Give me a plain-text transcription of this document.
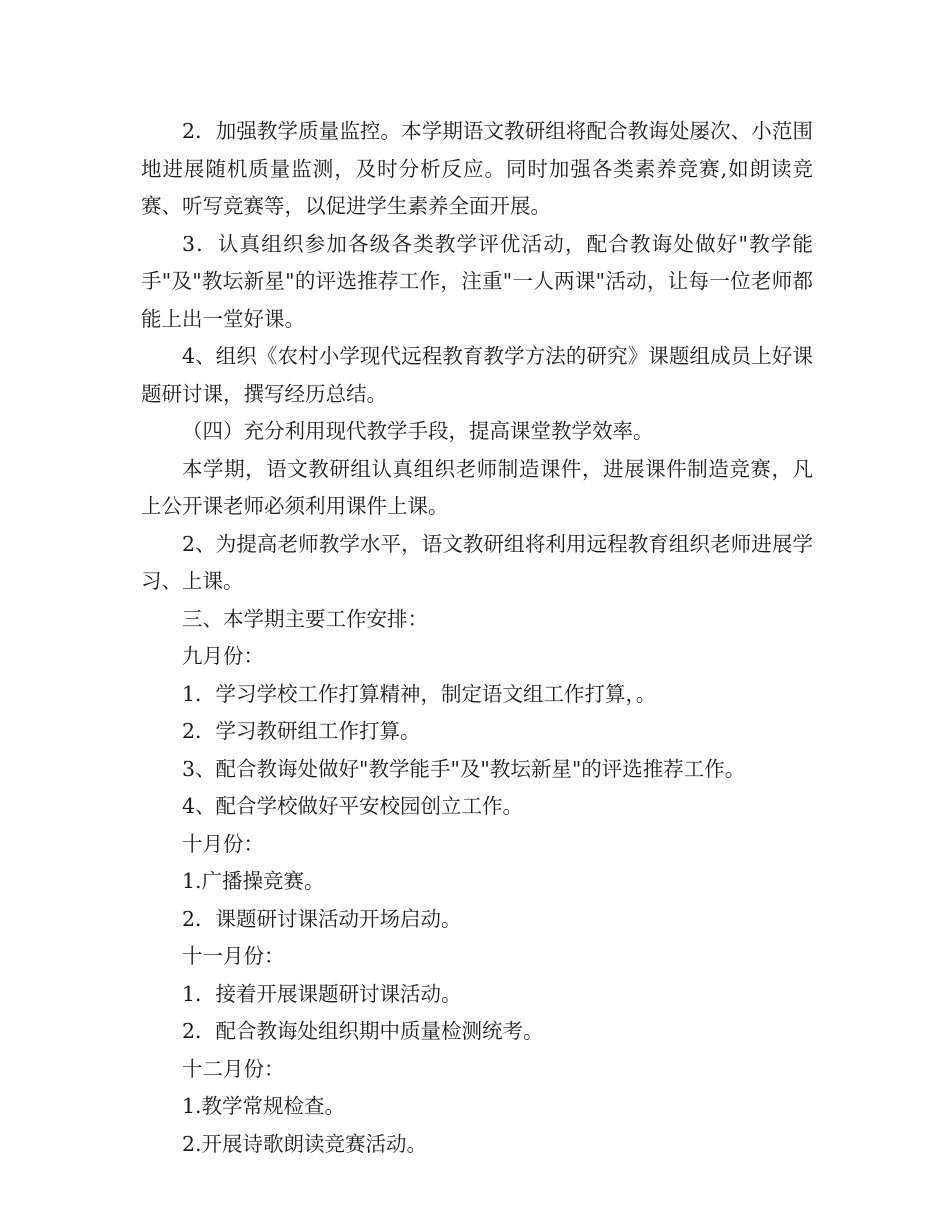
2．加强教学质量监控。本学期语文教研组将配合教诲处屡次、小范围地进展随机质量监测，及时分析反应。同时加强各类素养竞赛,如朗读竞赛、听写竞赛等，以促进学生素养全面开展。

3．认真组织参加各级各类教学评优活动，配合教诲处做好"教学能手"及"教坛新星"的评选推荐工作，注重"一人两课"活动，让每一位老师都能上出一堂好课。

4、组织《农村小学现代远程教育教学方法的研究》课题组成员上好课题研讨课，撰写经历总结。

（四）充分利用现代教学手段，提高课堂教学效率。

本学期，语文教研组认真组织老师制造课件，进展课件制造竞赛，凡上公开课老师必须利用课件上课。

2、为提高老师教学水平，语文教研组将利用远程教育组织老师进展学习、上课。

三、本学期主要工作安排：

九月份：

1．学习学校工作打算精神，制定语文组工作打算，。

2．学习教研组工作打算。

3、配合教诲处做好"教学能手"及"教坛新星"的评选推荐工作。

4、配合学校做好平安校园创立工作。

十月份：

1.广播操竞赛。

2．课题研讨课活动开场启动。

十一月份：

1．接着开展课题研讨课活动。

2．配合教诲处组织期中质量检测统考。

十二月份：

1.教学常规检查。

2.开展诗歌朗读竞赛活动。
